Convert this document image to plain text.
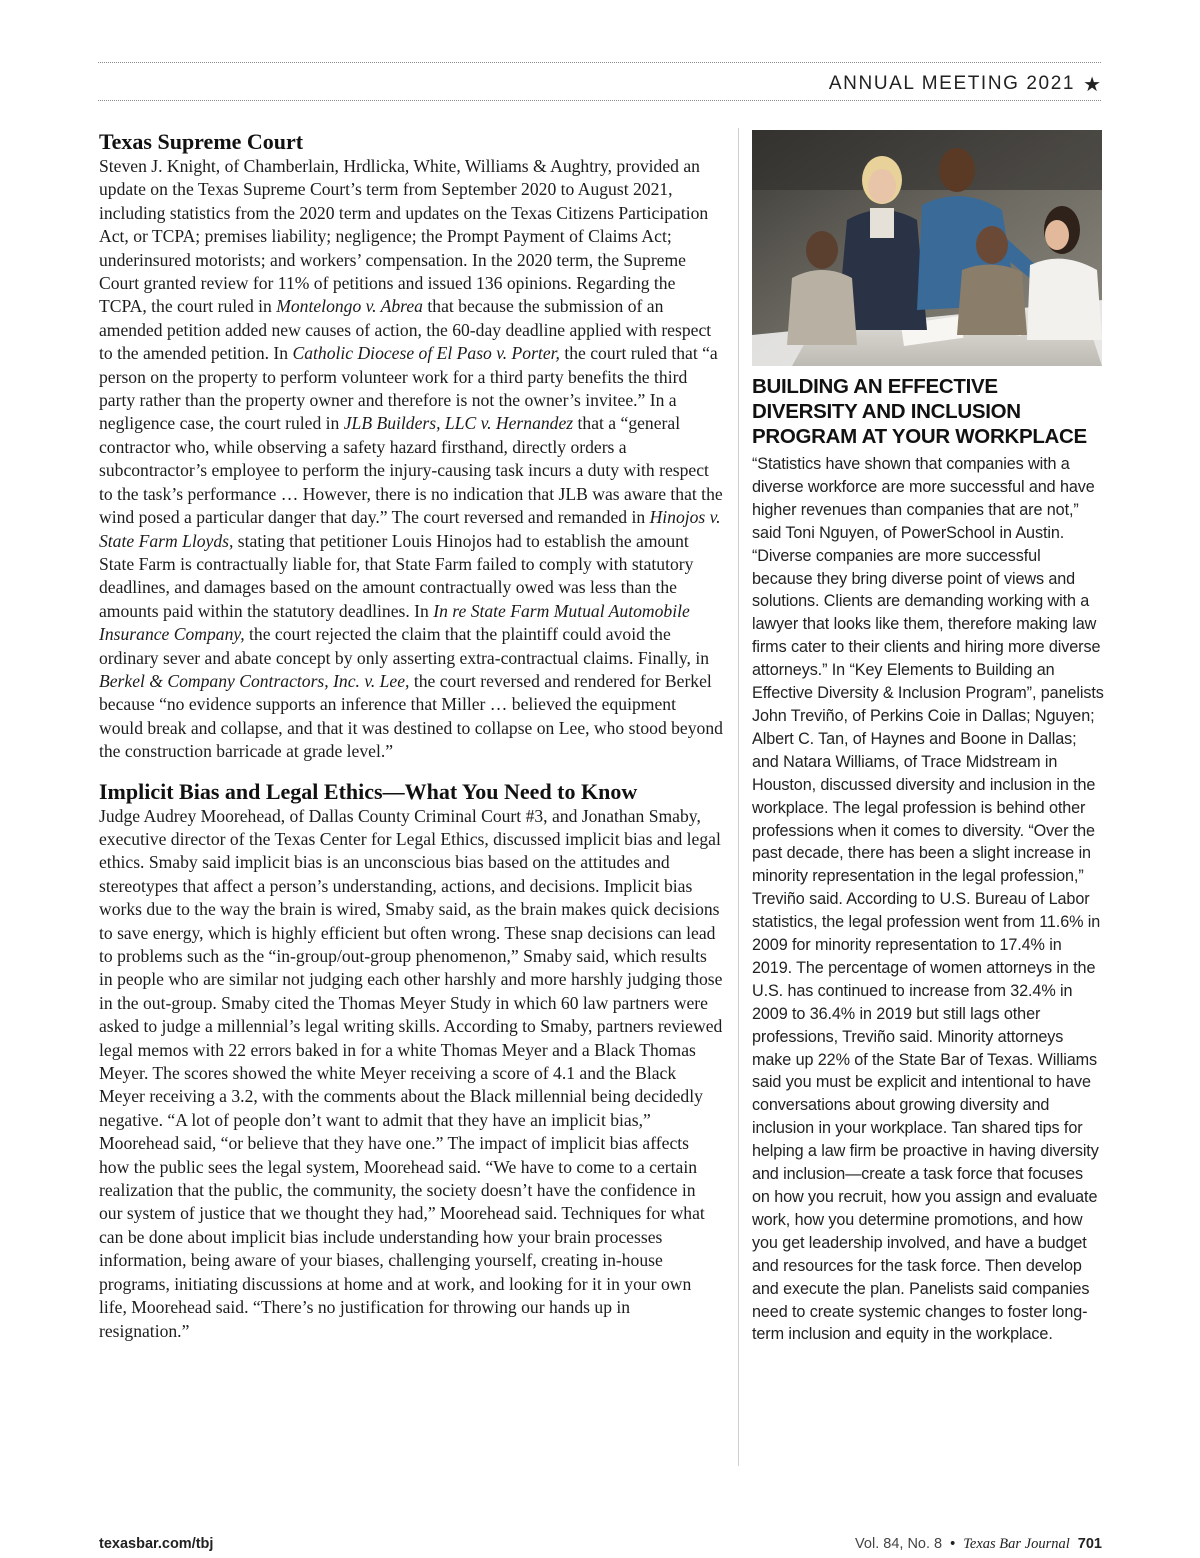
ANNUAL MEETING 2021 ★
Texas Supreme Court

Steven J. Knight, of Chamberlain, Hrdlicka, White, Williams & Aughtry, provided an update on the Texas Supreme Court’s term from September 2020 to August 2021, including statistics from the 2020 term and updates on the Texas Citizens Participation Act, or TCPA; premises liability; negligence; the Prompt Payment of Claims Act; underinsured motorists; and workers’ compensation. In the 2020 term, the Supreme Court granted review for 11% of petitions and issued 136 opinions. Regarding the TCPA, the court ruled in Montelongo v. Abrea that because the submission of an amended petition added new causes of action, the 60-day deadline applied with respect to the amended petition. In Catholic Diocese of El Paso v. Porter, the court ruled that “a person on the property to perform volunteer work for a third party benefits the third party rather than the property owner and therefore is not the owner’s invitee.” In a negligence case, the court ruled in JLB Builders, LLC v. Hernandez that a “general contractor who, while observing a safety hazard firsthand, directly orders a subcontractor’s employee to perform the injury-causing task incurs a duty with respect to the task’s performance … However, there is no indication that JLB was aware that the wind posed a particular danger that day.” The court reversed and remanded in Hinojos v. State Farm Lloyds, stating that petitioner Louis Hinojos had to establish the amount State Farm is contractually liable for, that State Farm failed to comply with statutory deadlines, and damages based on the amount contractually owed was less than the amounts paid within the statutory deadlines. In In re State Farm Mutual Automobile Insurance Company, the court rejected the claim that the plaintiff could avoid the ordinary sever and abate concept by only asserting extra-contractual claims. Finally, in Berkel & Company Contractors, Inc. v. Lee, the court reversed and rendered for Berkel because “no evidence supports an inference that Miller … believed the equipment would break and collapse, and that it was destined to collapse on Lee, who stood beyond the construction barricade at grade level.”

Implicit Bias and Legal Ethics—What You Need to Know

Judge Audrey Moorehead, of Dallas County Criminal Court #3, and Jonathan Smaby, executive director of the Texas Center for Legal Ethics, discussed implicit bias and legal ethics. Smaby said implicit bias is an unconscious bias based on the attitudes and stereotypes that affect a person’s understanding, actions, and decisions. Implicit bias works due to the way the brain is wired, Smaby said, as the brain makes quick decisions to save energy, which is highly efficient but often wrong. These snap decisions can lead to problems such as the “in-group/out-group phenomenon,” Smaby said, which results in people who are similar not judging each other harshly and more harshly judging those in the out-group. Smaby cited the Thomas Meyer Study in which 60 law partners were asked to judge a millennial’s legal writing skills. According to Smaby, partners reviewed legal memos with 22 errors baked in for a white Thomas Meyer and a Black Thomas Meyer. The scores showed the white Meyer receiving a score of 4.1 and the Black Meyer receiving a 3.2, with the comments about the Black millennial being decidedly negative. “A lot of people don’t want to admit that they have an implicit bias,” Moorehead said, “or believe that they have one.” The impact of implicit bias affects how the public sees the legal system, Moorehead said. “We have to come to a certain realization that the public, the community, the society doesn’t have the confidence in our system of justice that we thought they had,” Moorehead said. Techniques for what can be done about implicit bias include understanding how your brain processes information, being aware of your biases, challenging yourself, creating in-house programs, initiating discussions at home and at work, and looking for it in your own life, Moorehead said. “There’s no justification for throwing our hands up in resignation.”

BUILDING AN EFFECTIVE DIVERSITY AND INCLUSION PROGRAM AT YOUR WORKPLACE

“Statistics have shown that companies with a diverse workforce are more successful and have higher revenues than companies that are not,” said Toni Nguyen, of PowerSchool in Austin. “Diverse companies are more successful because they bring diverse point of views and solutions. Clients are demanding working with a lawyer that looks like them, therefore making law firms cater to their clients and hiring more diverse attorneys.” In “Key Elements to Building an Effective Diversity & Inclusion Program”, panelists John Treviño, of Perkins Coie in Dallas; Nguyen; Albert C. Tan, of Haynes and Boone in Dallas; and Natara Williams, of Trace Midstream in Houston, discussed diversity and inclusion in the workplace. The legal profession is behind other professions when it comes to diversity. “Over the past decade, there has been a slight increase in minority representation in the legal profession,” Treviño said. According to U.S. Bureau of Labor statistics, the legal profession went from 11.6% in 2009 for minority representation to 17.4% in 2019. The percentage of women attorneys in the U.S. has continued to increase from 32.4% in 2009 to 36.4% in 2019 but still lags other professions, Treviño said. Minority attorneys make up 22% of the State Bar of Texas. Williams said you must be explicit and intentional to have conversations about growing diversity and inclusion in your workplace. Tan shared tips for helping a law firm be proactive in having diversity and inclusion—create a task force that focuses on how you recruit, how you assign and evaluate work, how you determine promotions, and how you get leadership involved, and have a budget and resources for the task force. Then develop and execute the plan. Panelists said companies need to create systemic changes to foster long-term inclusion and equity in the workplace.

texasbar.com/tbj	Vol. 84, No. 8 • Texas Bar Journal 701
